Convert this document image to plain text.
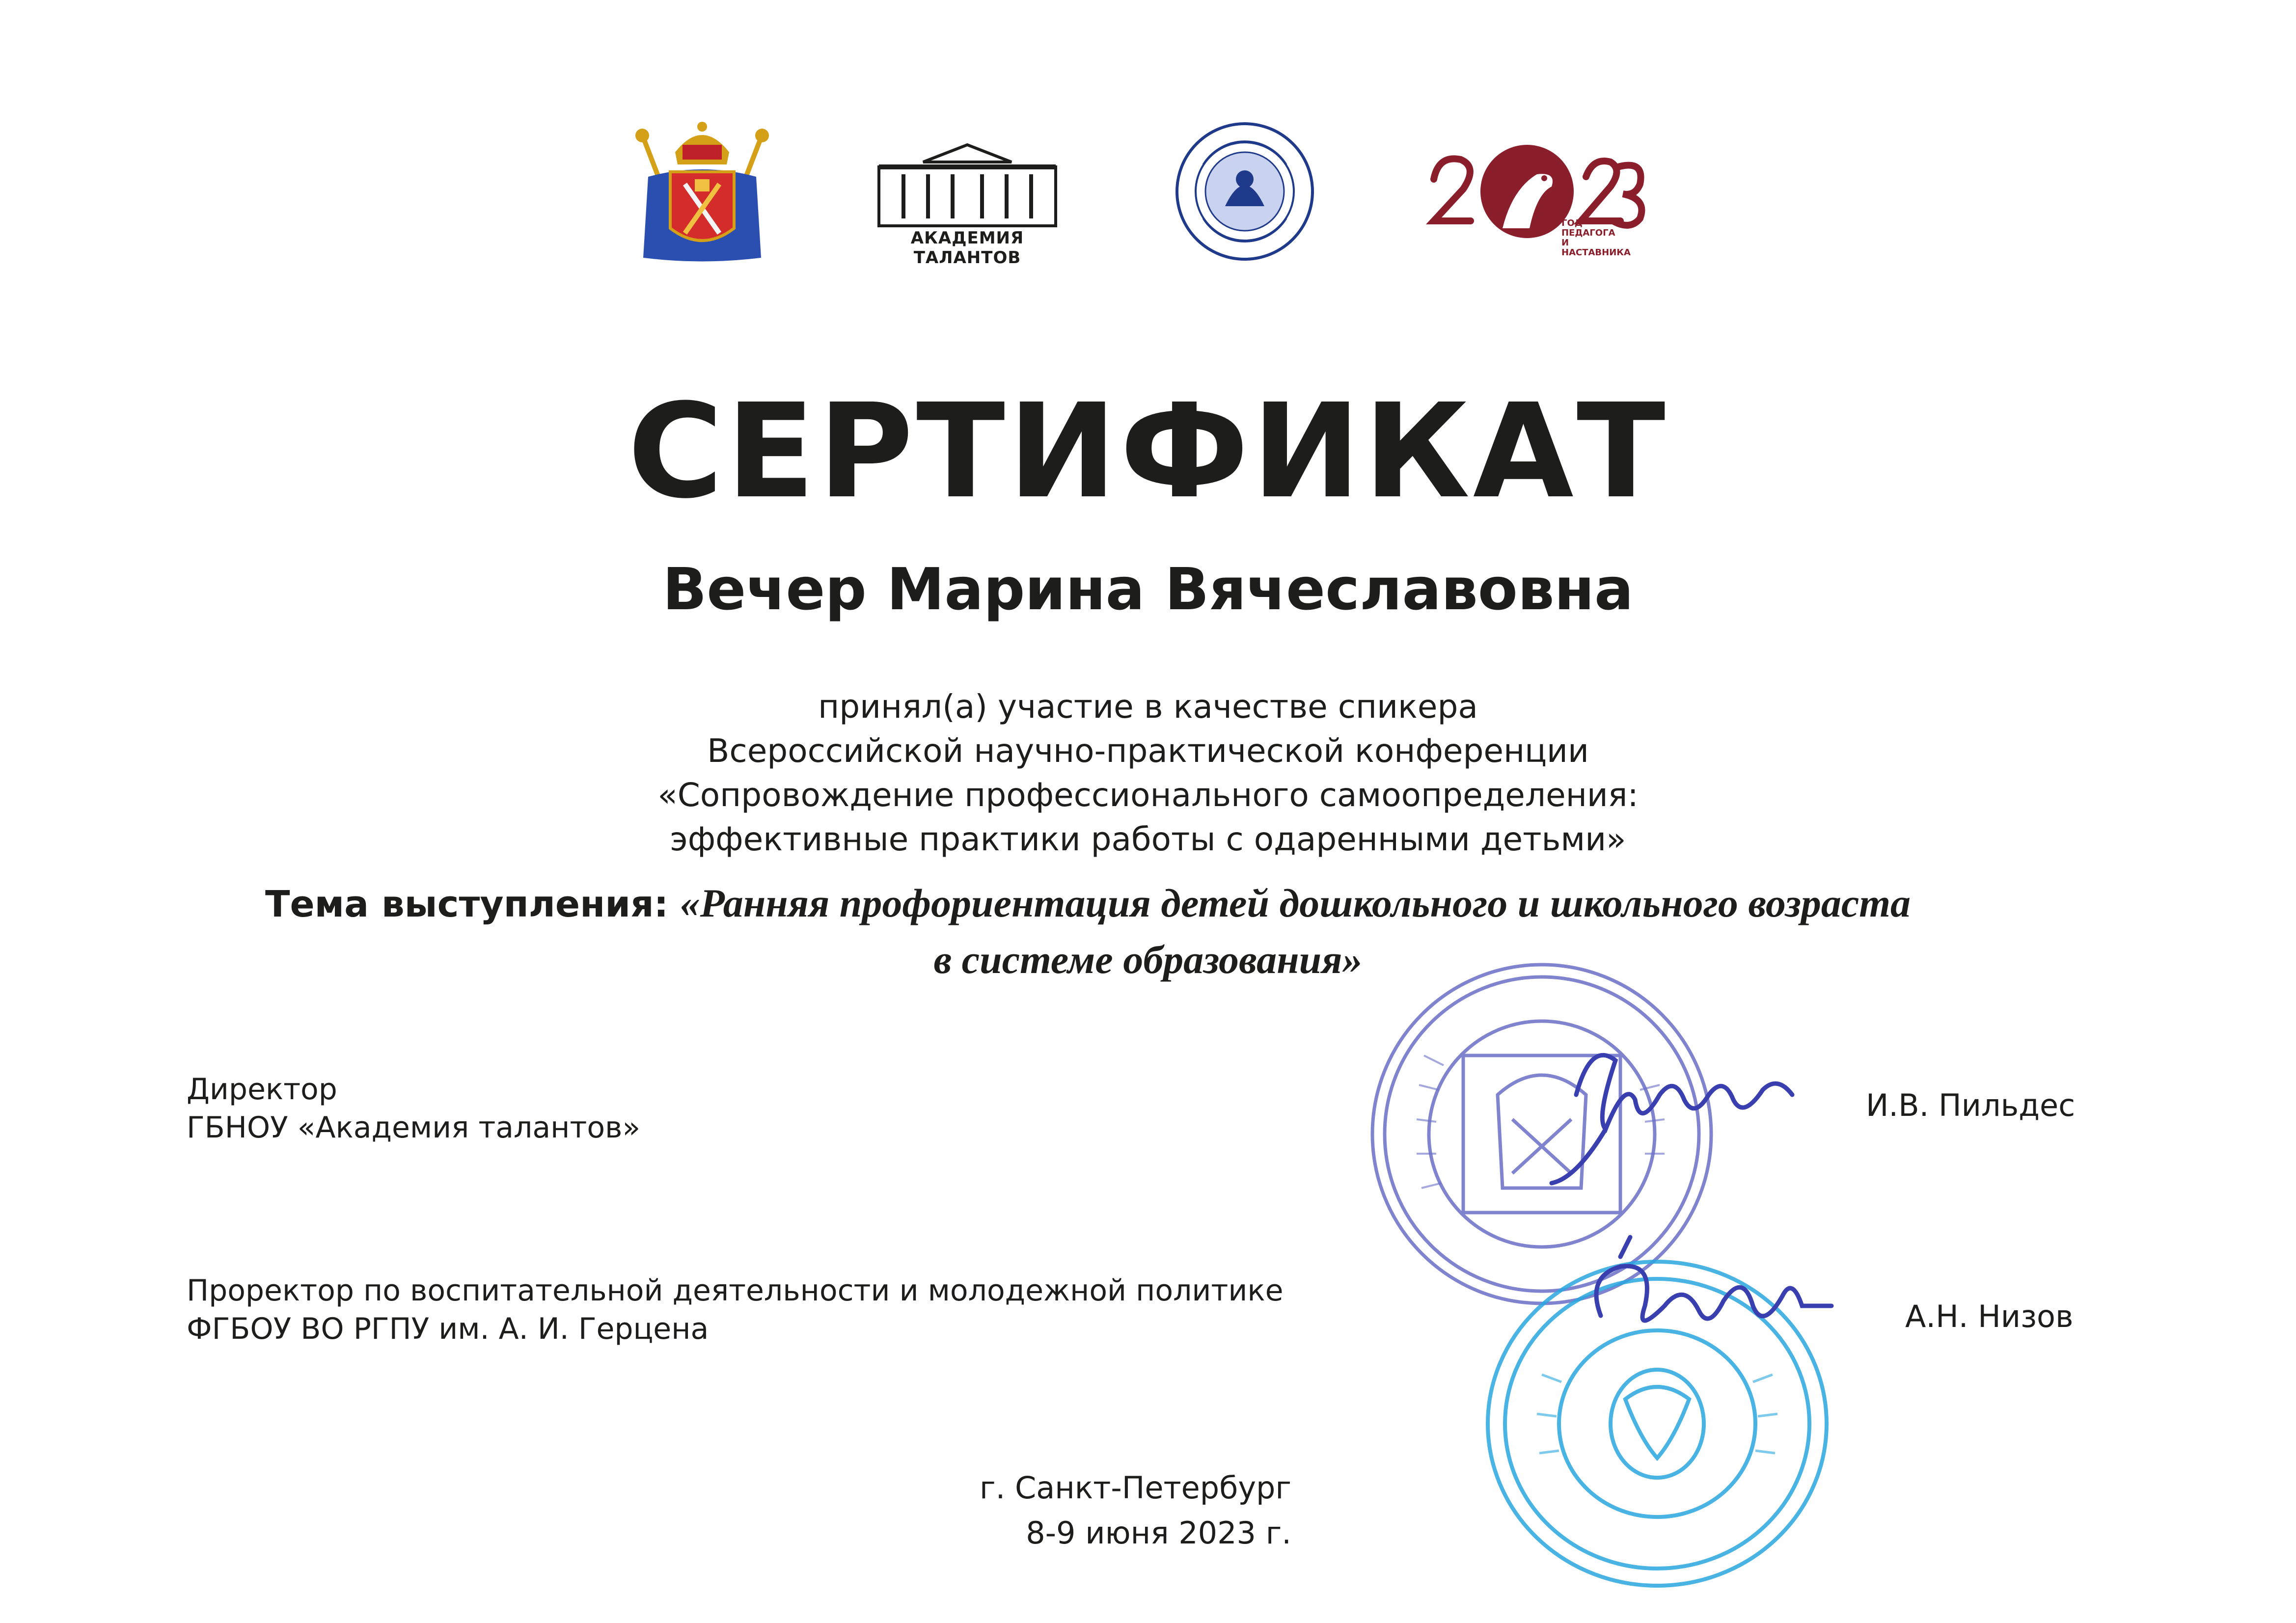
АКАДЕМИЯ ТАЛАНТОВ
ГОД
ПЕДАГОГА
И НАСТАВНИКА
СЕРТИФИКАТ
Вечер Марина Вячеславовна
принял(а) участие в качестве спикера
Всероссийской научно-практической конференции
«Сопровождение профессионального самоопределения:
эффективные практики работы с одаренными детьми»
Тема выступления: «Ранняя профориентация детей дошкольного и школьного возраста
в системе образования»
Директор
ГБНОУ «Академия талантов»
И.В. Пильдес
Проректор по воспитательной деятельности и молодежной политике
ФГБОУ ВО РГПУ им. А. И. Герцена	А.Н. Низов
г. Санкт-Петербург
8-9 июня 2023 г.
